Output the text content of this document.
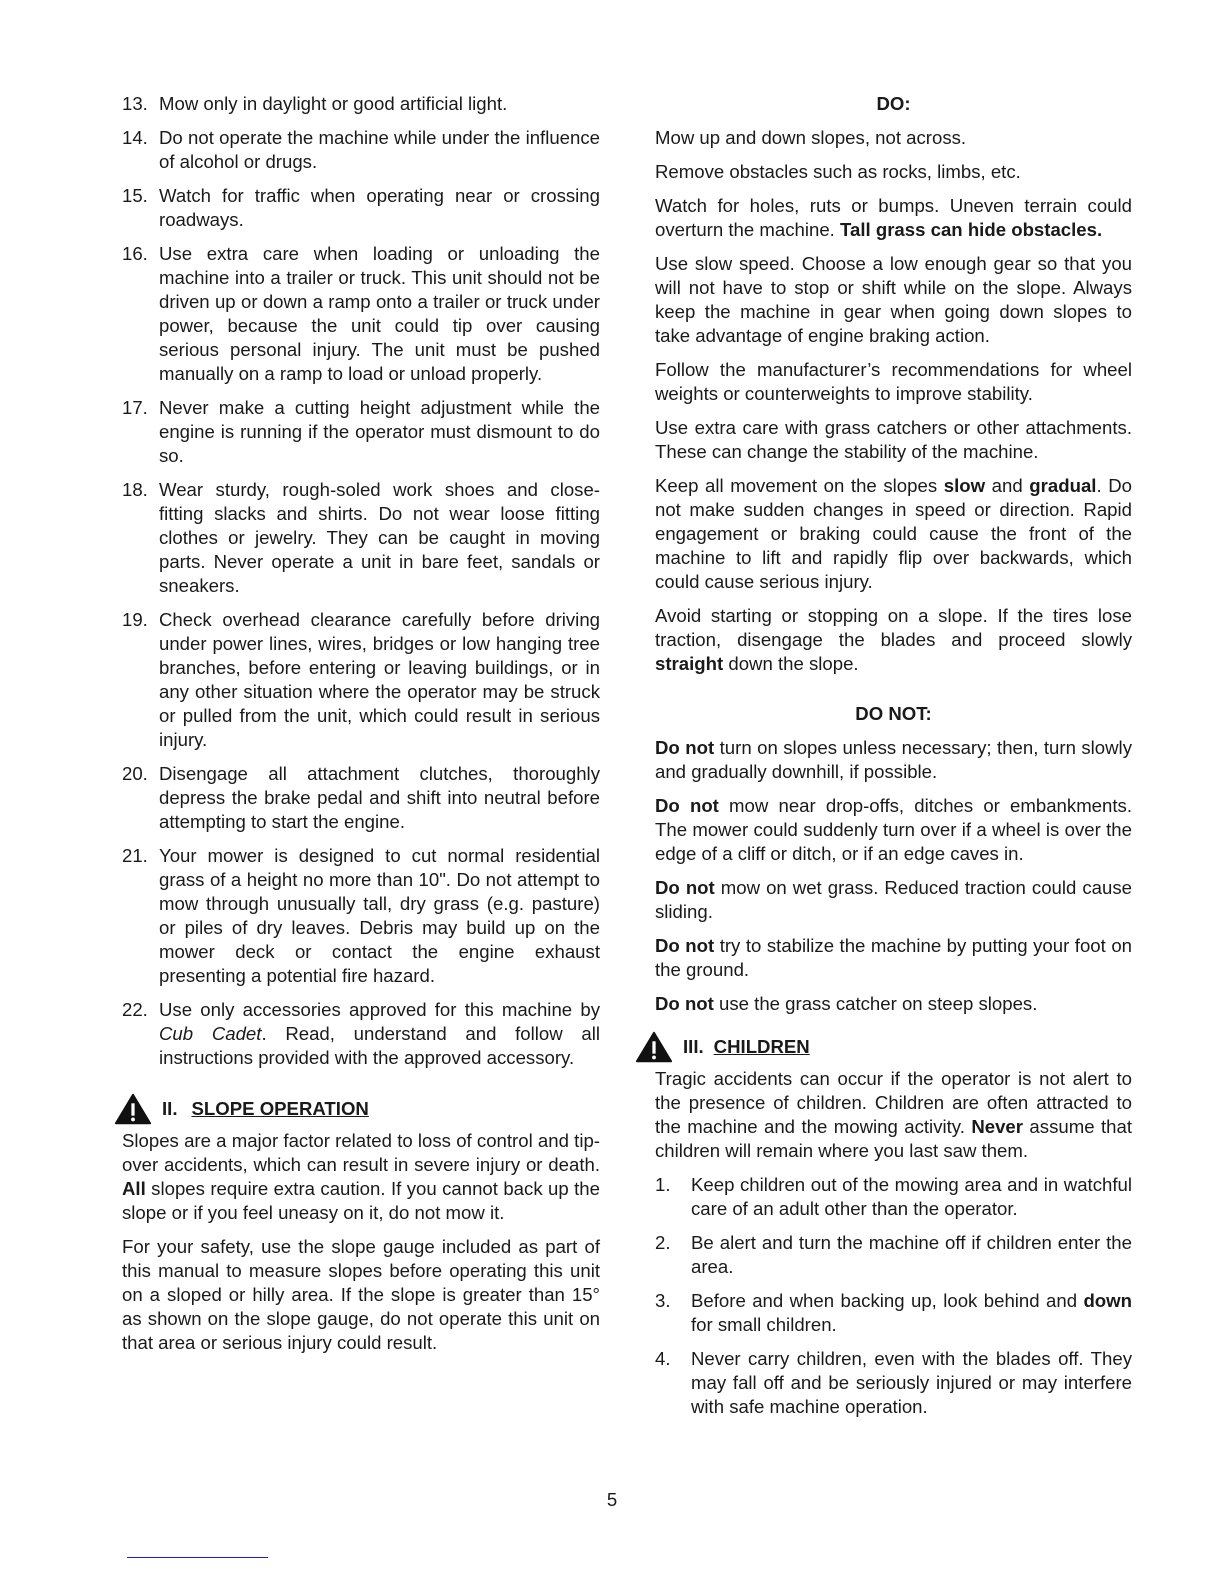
13. Mow only in daylight or good artificial light.
14. Do not operate the machine while under the influence of alcohol or drugs.
15. Watch for traffic when operating near or crossing roadways.
16. Use extra care when loading or unloading the machine into a trailer or truck. This unit should not be driven up or down a ramp onto a trailer or truck under power, because the unit could tip over causing serious personal injury. The unit must be pushed manually on a ramp to load or unload properly.
17. Never make a cutting height adjustment while the engine is running if the operator must dismount to do so.
18. Wear sturdy, rough-soled work shoes and close-fitting slacks and shirts. Do not wear loose fitting clothes or jewelry. They can be caught in moving parts. Never operate a unit in bare feet, sandals or sneakers.
19. Check overhead clearance carefully before driving under power lines, wires, bridges or low hanging tree branches, before entering or leaving buildings, or in any other situation where the operator may be struck or pulled from the unit, which could result in serious injury.
20. Disengage all attachment clutches, thoroughly depress the brake pedal and shift into neutral before attempting to start the engine.
21. Your mower is designed to cut normal residential grass of a height no more than 10". Do not attempt to mow through unusually tall, dry grass (e.g. pasture) or piles of dry leaves. Debris may build up on the mower deck or contact the engine exhaust presenting a potential fire hazard.
22. Use only accessories approved for this machine by Cub Cadet. Read, understand and follow all instructions provided with the approved accessory.
II. SLOPE OPERATION

Slopes are a major factor related to loss of control and tip-over accidents, which can result in severe injury or death. All slopes require extra caution. If you cannot back up the slope or if you feel uneasy on it, do not mow it.

For your safety, use the slope gauge included as part of this manual to measure slopes before operating this unit on a sloped or hilly area. If the slope is greater than 15° as shown on the slope gauge, do not operate this unit on that area or serious injury could result.

DO:

Mow up and down slopes, not across.

Remove obstacles such as rocks, limbs, etc.

Watch for holes, ruts or bumps. Uneven terrain could overturn the machine. Tall grass can hide obstacles.

Use slow speed. Choose a low enough gear so that you will not have to stop or shift while on the slope. Always keep the machine in gear when going down slopes to take advantage of engine braking action.

Follow the manufacturer’s recommendations for wheel weights or counterweights to improve stability.

Use extra care with grass catchers or other attachments. These can change the stability of the machine.

Keep all movement on the slopes slow and gradual. Do not make sudden changes in speed or direction. Rapid engagement or braking could cause the front of the machine to lift and rapidly flip over backwards, which could cause serious injury.

Avoid starting or stopping on a slope. If the tires lose traction, disengage the blades and proceed slowly straight down the slope.

DO NOT:

Do not turn on slopes unless necessary; then, turn slowly and gradually downhill, if possible.

Do not mow near drop-offs, ditches or embankments. The mower could suddenly turn over if a wheel is over the edge of a cliff or ditch, or if an edge caves in.

Do not mow on wet grass. Reduced traction could cause sliding.

Do not try to stabilize the machine by putting your foot on the ground.

Do not use the grass catcher on steep slopes.

III. CHILDREN

Tragic accidents can occur if the operator is not alert to the presence of children. Children are often attracted to the machine and the mowing activity. Never assume that children will remain where you last saw them.

1.	Keep children out of the mowing area and in watchful care of an adult other than the operator.
2.	Be alert and turn the machine off if children enter the area.
3.	Before and when backing up, look behind and down for small children.
4.	Never carry children, even with the blades off. They may fall off and be seriously injured or may interfere with safe machine operation.
5
